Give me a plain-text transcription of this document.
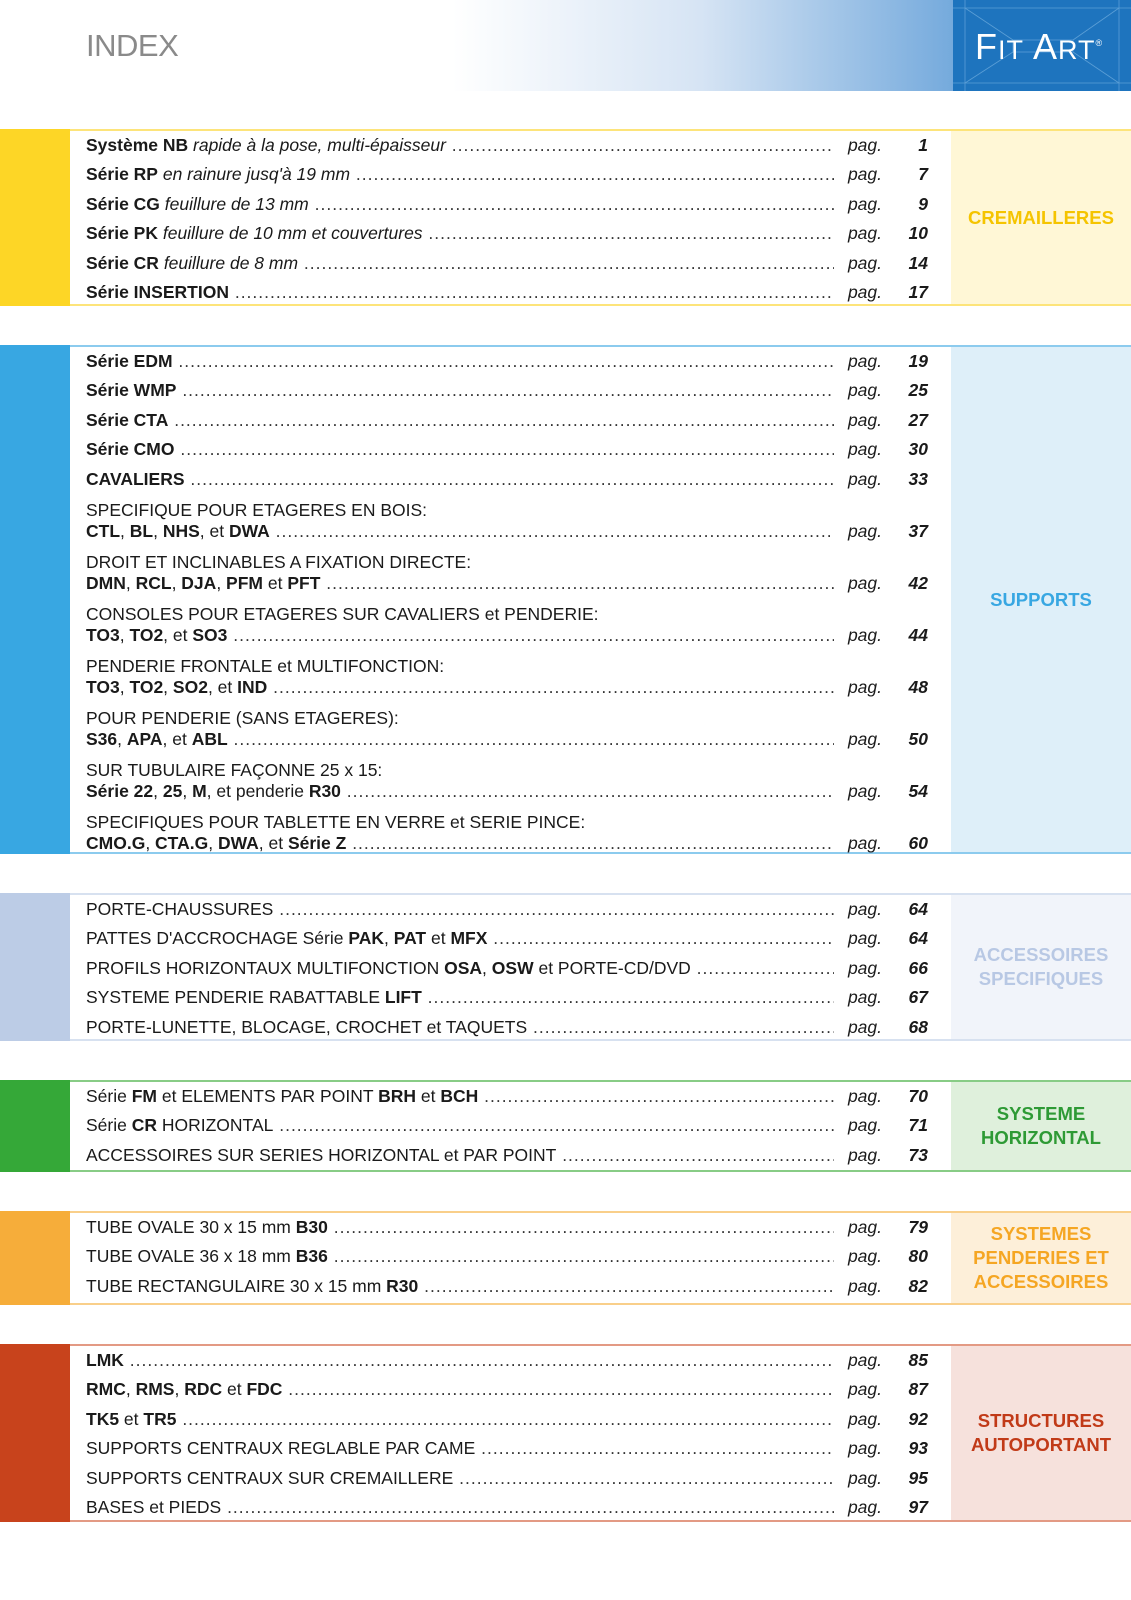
INDEX	FIT ART®
CREMAILLERES
Système NB rapide à la pose, multi-épaisseur .....	pag.	1
Série RP en rainure jusq'à 19 mm .....	pag.	7
Série CG feuillure de 13 mm .....	pag.	9
Série PK feuillure de 10 mm et couvertures .....	pag.	10
Série CR feuillure de 8 mm .....	pag.	14
Série INSERTION .....	pag.	17
SUPPORTS
Série EDM .....	pag.	19
Série WMP .....	pag.	25
Série CTA .....	pag.	27
Série CMO .....	pag.	30
CAVALIERS .....	pag.	33
SPECIFIQUE POUR ETAGERES EN BOIS:
CTL, BL, NHS, et DWA .....	pag.	37
DROIT ET INCLINABLES A FIXATION DIRECTE:
DMN, RCL, DJA, PFM et PFT .....	pag.	42
CONSOLES POUR ETAGERES SUR CAVALIERS et PENDERIE:
TO3, TO2, et SO3 .....	pag.	44
PENDERIE FRONTALE et MULTIFONCTION:
TO3, TO2, SO2, et IND .....	pag.	48
POUR PENDERIE (SANS ETAGERES):
S36, APA, et ABL .....	pag.	50
SUR TUBULAIRE FAÇONNE 25 x 15:
Série 22, 25, M, et penderie R30 .....	pag.	54
SPECIFIQUES POUR TABLETTE EN VERRE et SERIE PINCE:
CMO.G, CTA.G, DWA, et Série Z .....	pag.	60
ACCESSOIRES
SPECIFIQUES
PORTE-CHAUSSURES .....	pag.	64
PATTES D'ACCROCHAGE Série PAK, PAT et MFX .....	pag.	64
PROFILS HORIZONTAUX MULTIFONCTION OSA, OSW et PORTE-CD/DVD .....	pag.	66
SYSTEME PENDERIE RABATTABLE LIFT .....	pag.	67
PORTE-LUNETTE, BLOCAGE, CROCHET et TAQUETS .....	pag.	68
SYSTEME
HORIZONTAL
Série FM et ELEMENTS PAR POINT BRH et BCH .....	pag.	70
Série CR HORIZONTAL .....	pag.	71
ACCESSOIRES SUR SERIES HORIZONTAL et PAR POINT .....	pag.	73
SYSTEMES
PENDERIES ET
ACCESSOIRES
TUBE OVALE 30 x 15 mm B30 .....	pag.	79
TUBE OVALE 36 x 18 mm B36 .....	pag.	80
TUBE RECTANGULAIRE 30 x 15 mm R30 .....	pag.	82
STRUCTURES
AUTOPORTANT
LMK .....	pag.	85
RMC, RMS, RDC et FDC .....	pag.	87
TK5 et TR5 .....	pag.	92
SUPPORTS CENTRAUX REGLABLE PAR CAME .....	pag.	93
SUPPORTS CENTRAUX SUR CREMAILLERE .....	pag.	95
BASES et PIEDS .....	pag.	97
